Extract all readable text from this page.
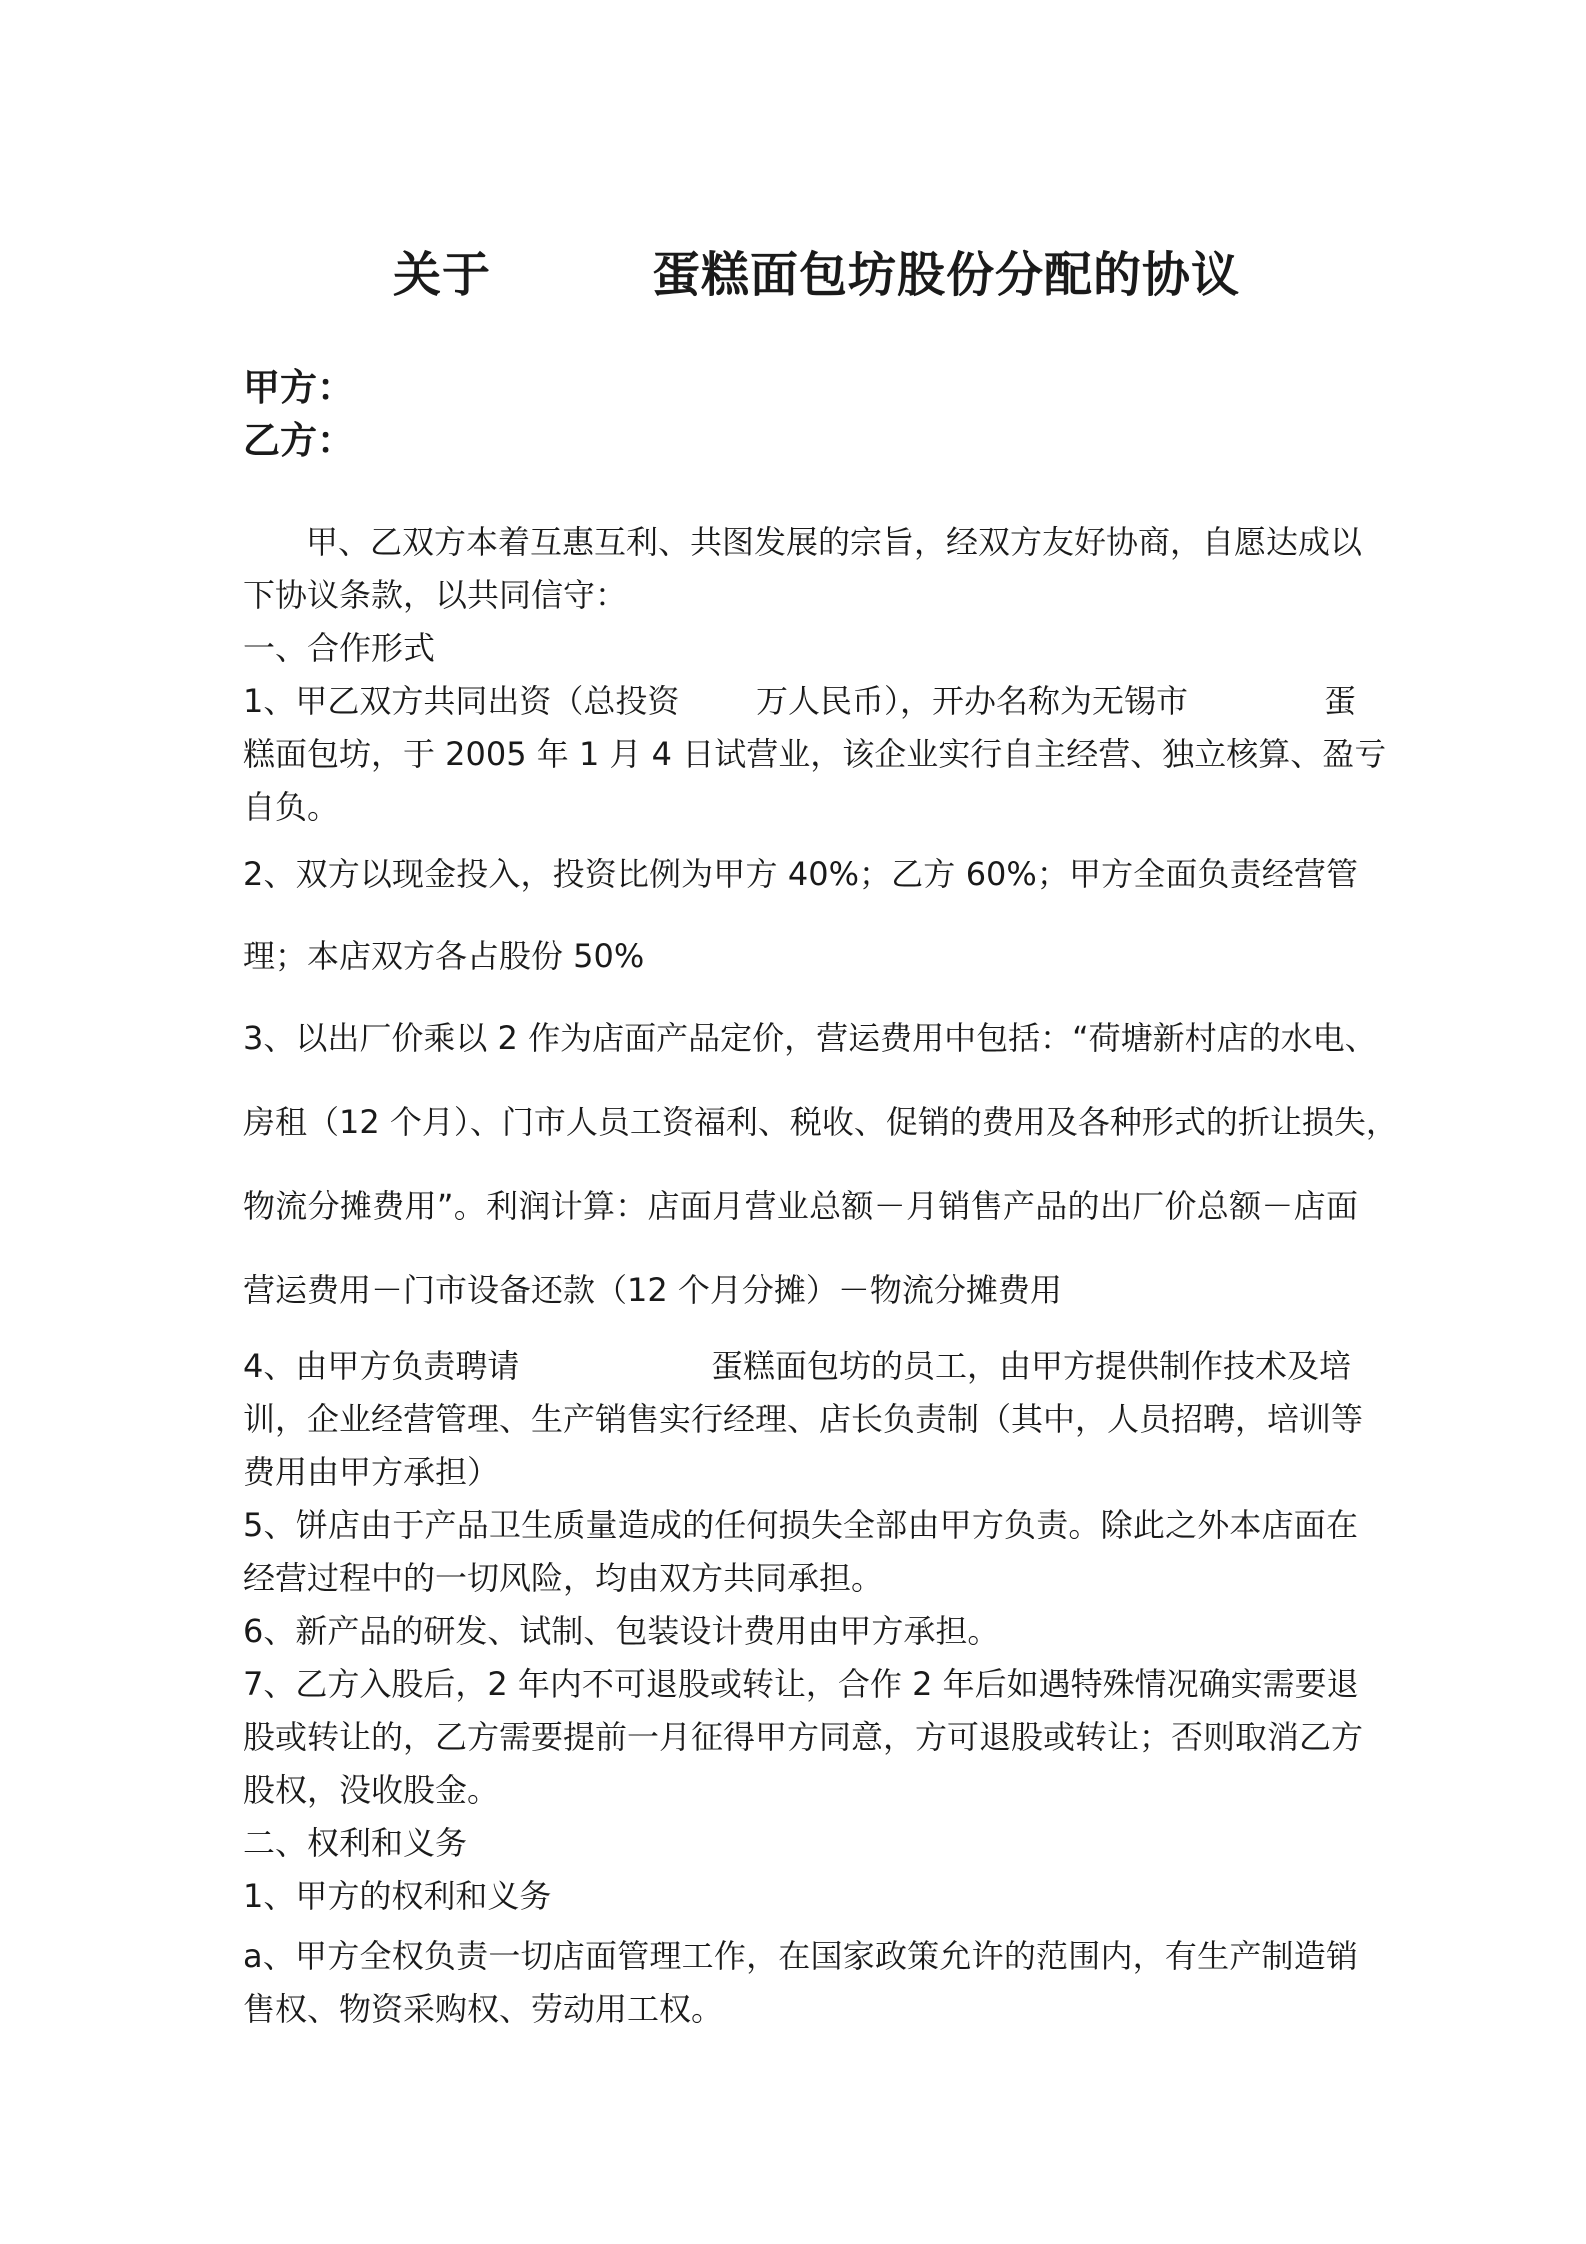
关于	蛋糕面包坊股份分配的协议
甲方：
乙方：
甲、乙双方本着互惠互利、共图发展的宗旨，经双方友好协商，自愿达成以
下协议条款，以共同信守：
一、合作形式
1、甲乙双方共同出资（总投资 万人民币），开办名称为无锡市	蛋
糕面包坊，于 2005 年 1 月 4 日试营业，该企业实行自主经营、独立核算、盈亏
自负。
2、双方以现金投入，投资比例为甲方 40%；乙方 60%；甲方全面负责经营管
理；本店双方各占股份 50%
3、以出厂价乘以 2 作为店面产品定价，营运费用中包括：“荷塘新村店的水电、
房租（12 个月）、门市人员工资福利、税收、促销的费用及各种形式的折让损失，
物流分摊费用”。利润计算：店面月营业总额－月销售产品的出厂价总额－店面
营运费用－门市设备还款（12 个月分摊）－物流分摊费用
4、由甲方负责聘请	蛋糕面包坊的员工，由甲方提供制作技术及培
训，企业经营管理、生产销售实行经理、店长负责制（其中，人员招聘，培训等
费用由甲方承担）
5、饼店由于产品卫生质量造成的任何损失全部由甲方负责。除此之外本店面在
经营过程中的一切风险，均由双方共同承担。
6、新产品的研发、试制、包装设计费用由甲方承担。
7、乙方入股后，2 年内不可退股或转让，合作 2 年后如遇特殊情况确实需要退
股或转让的，乙方需要提前一月征得甲方同意，方可退股或转让；否则取消乙方
股权，没收股金。
二、权利和义务
1、甲方的权利和义务
a、甲方全权负责一切店面管理工作，在国家政策允许的范围内，有生产制造销
售权、物资采购权、劳动用工权。
